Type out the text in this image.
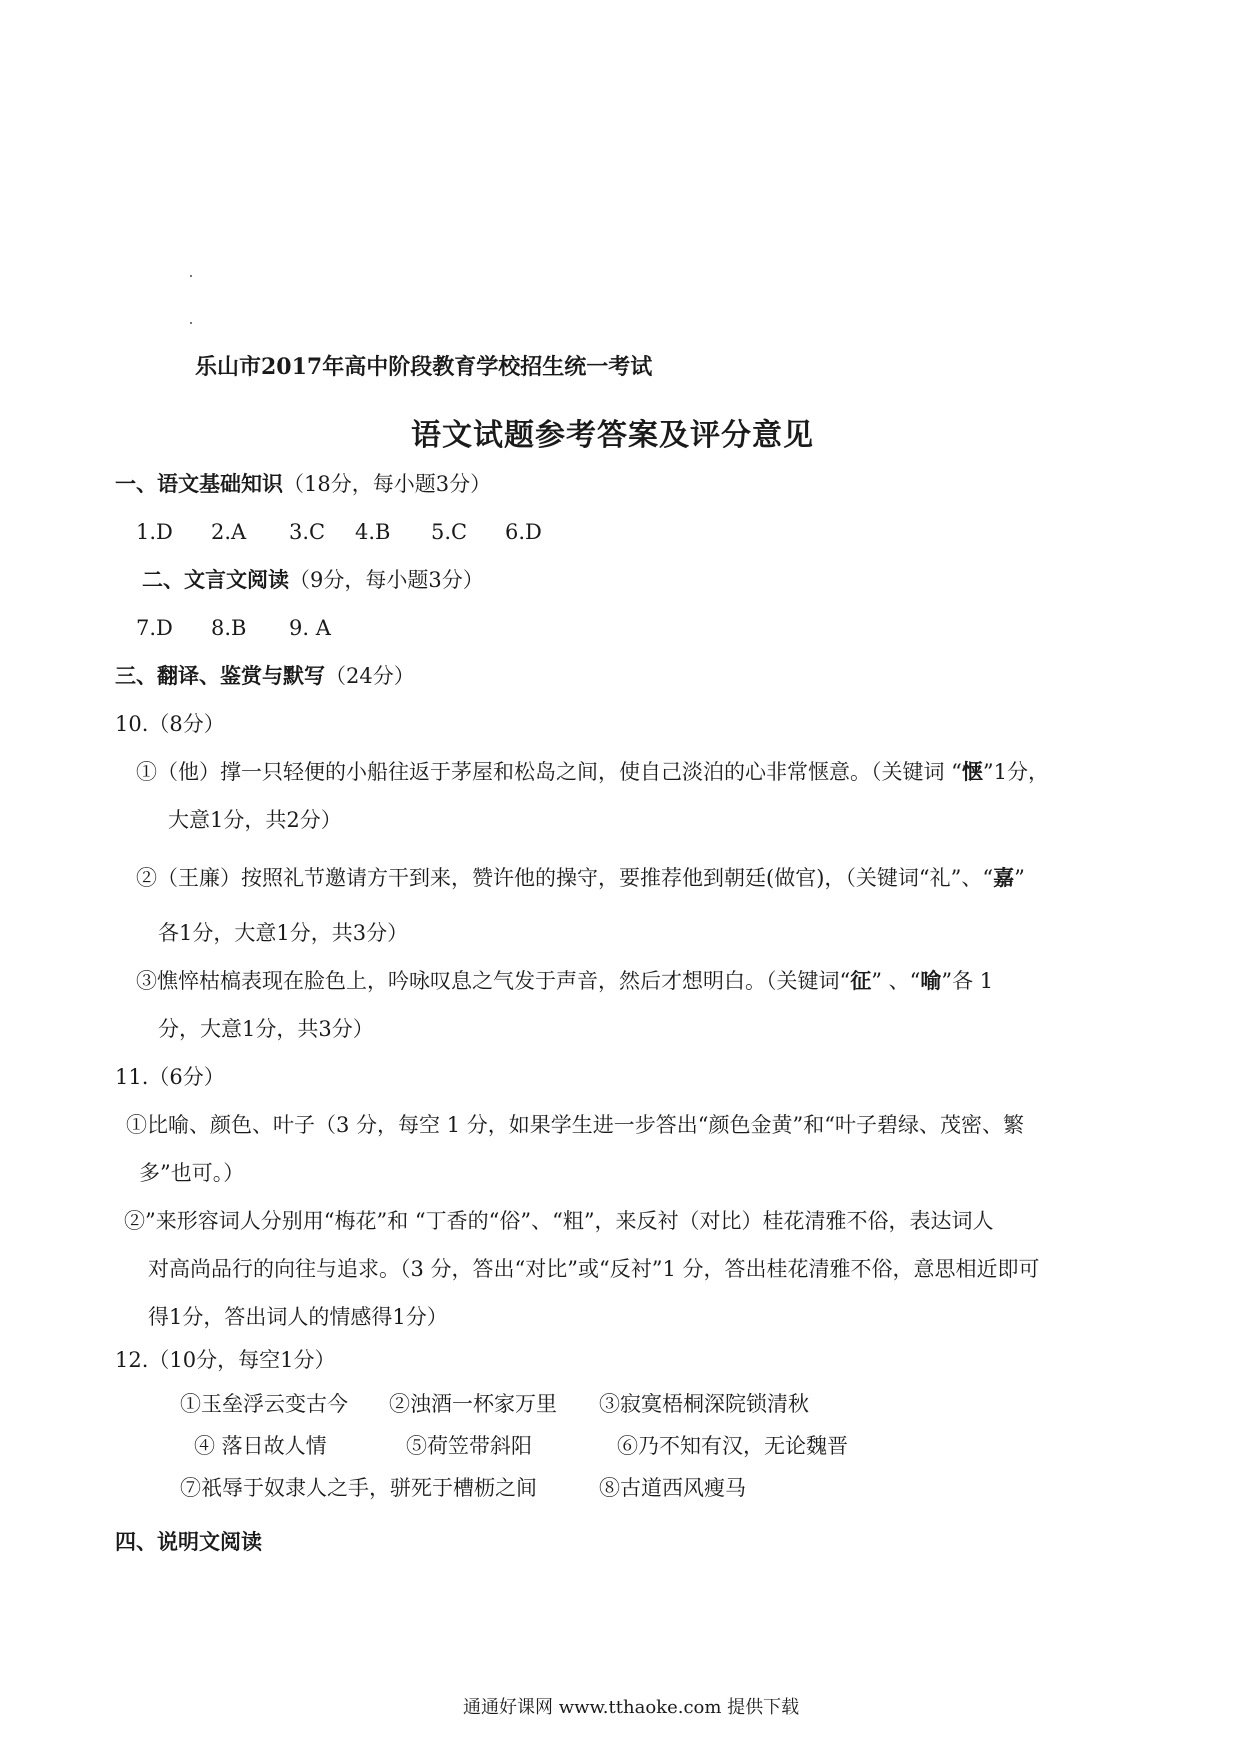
乐山市2017年高中阶段教育学校招生统一考试
语文试题参考答案及评分意见
一、语文基础知识（18分，每小题3分）
1.D 2.A 3.C 4.B 5.C 6.D
二、文言文阅读（9分，每小题3分）
7.D 8.B 9. A
三、翻译、鉴赏与默写（24分）
10.（8分）
①（他）撑一只轻便的小船往返于茅屋和松岛之间，使自己淡泊的心非常惬意。（关键词 “惬”1分，
大意1分，共2分）
②（王廉）按照礼节邀请方干到来，赞许他的操守，要推荐他到朝廷(做官)，（关键词“礼”、“嘉”
各1分，大意1分，共3分）
③憔悴枯槁表现在脸色上，吟咏叹息之气发于声音，然后才想明白。（关键词“征” 、“喻”各 1
分，大意1分，共3分）
11.（6分）
①比喻、颜色、叶子（3 分，每空 1 分，如果学生进一步答出“颜色金黄”和“叶子碧绿、茂密、繁
多”也可。）
②”来形容词人分别用“梅花”和 “丁香的“俗”、“粗”，来反衬（对比）桂花清雅不俗，表达词人
对高尚品行的向往与追求。（3 分，答出“对比”或“反衬”1 分，答出桂花清雅不俗，意思相近即可
得1分，答出词人的情感得1分）
12.（10分，每空1分）
①玉垒浮云变古今 ②浊酒一杯家万里 ③寂寞梧桐深院锁清秋
④ 落日故人情	⑤荷笠带斜阳	⑥乃不知有汉，无论魏晋
⑦祇辱于奴隶人之手，骈死于槽枥之间	⑧古道西风瘦马
四、说明文阅读
通通好课网 www.tthaoke.com 提供下载
